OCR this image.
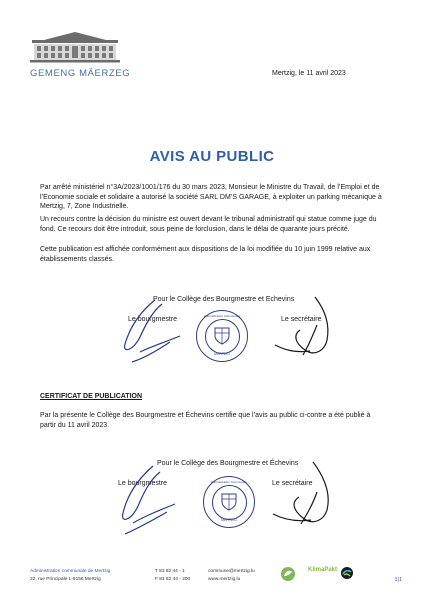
GEMENG MÄERZEG	Mertzig, le 11 avril 2023
AVIS AU PUBLIC
Par arrêté ministériel n°3A/2023/1001/176 du 30 mars 2023, Monsieur le Ministre du Travail, de l’Emploi et de l’Economie sociale et solidaire a autorisé la société SARL DM’S GARAGE, à exploiter un parking mécanique à Mertzig, 7, Zone Industrielle.
Un recours contre la décision du ministre est ouvert devant le tribunal administratif qui statue comme juge du fond. Ce recours doit être introduit, sous peine de forclusion, dans le délai de quarante jours précité.
Cette publication est affichée conformément aux dispositions de la loi modifiée du 10 juin 1999 relative aux établissements classés.
Pour le Collège des Bourgmestre et Echevins
Le bourgmestre	Le secrétaire
MERTZIG
Administration Communale
CERTIFICAT DE PUBLICATION
Par la présente le Collège des Bourgmestre et Échevins certifie que l’avis au public ci-contre a été publié à partir du 11 avril 2023.
Pour le Collège des Bourgmestre et Échevins
Le bourgmestre	Le secrétaire
MERTZIG
Administration Communale
Administration communale de Mertzig
22, rue Principale L-9158 Mertzig
T 83 82 44 - 1
F 83 82 44 - 200
commune@mertzig.lu
www.mertzig.lu
KlimaPakt
1|1
